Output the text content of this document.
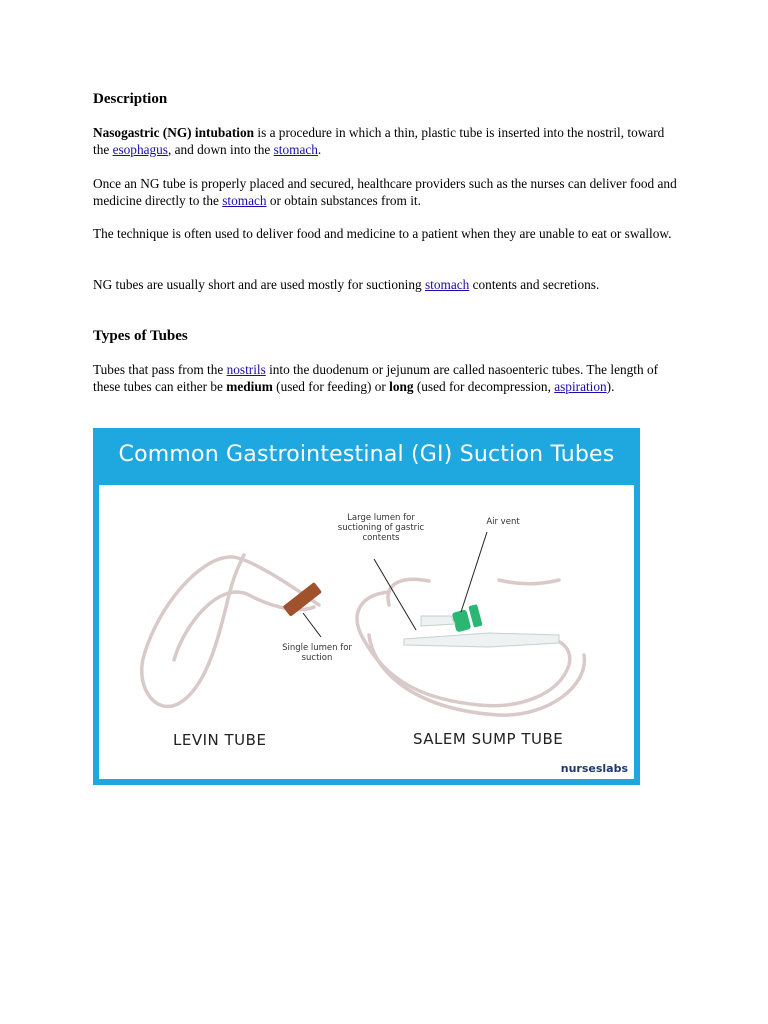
Description

Nasogastric (NG) intubation is a procedure in which a thin, plastic tube is inserted into the nostril, toward the esophagus, and down into the stomach.

Once an NG tube is properly placed and secured, healthcare providers such as the nurses can deliver food and medicine directly to the stomach or obtain substances from it.

The technique is often used to deliver food and medicine to a patient when they are unable to eat or swallow.

NG tubes are usually short and are used mostly for suctioning stomach contents and secretions.

Types of Tubes

Tubes that pass from the nostrils into the duodenum or jejunum are called nasoenteric tubes. The length of these tubes can either be medium (used for feeding) or long (used for decompression, aspiration).

Common Gastrointestinal (GI) Suction Tubes
Single lumen for suction
Large lumen for suctioning of gastric contents
Air vent
LEVIN TUBE	SALEM SUMP TUBE
nurseslabs
